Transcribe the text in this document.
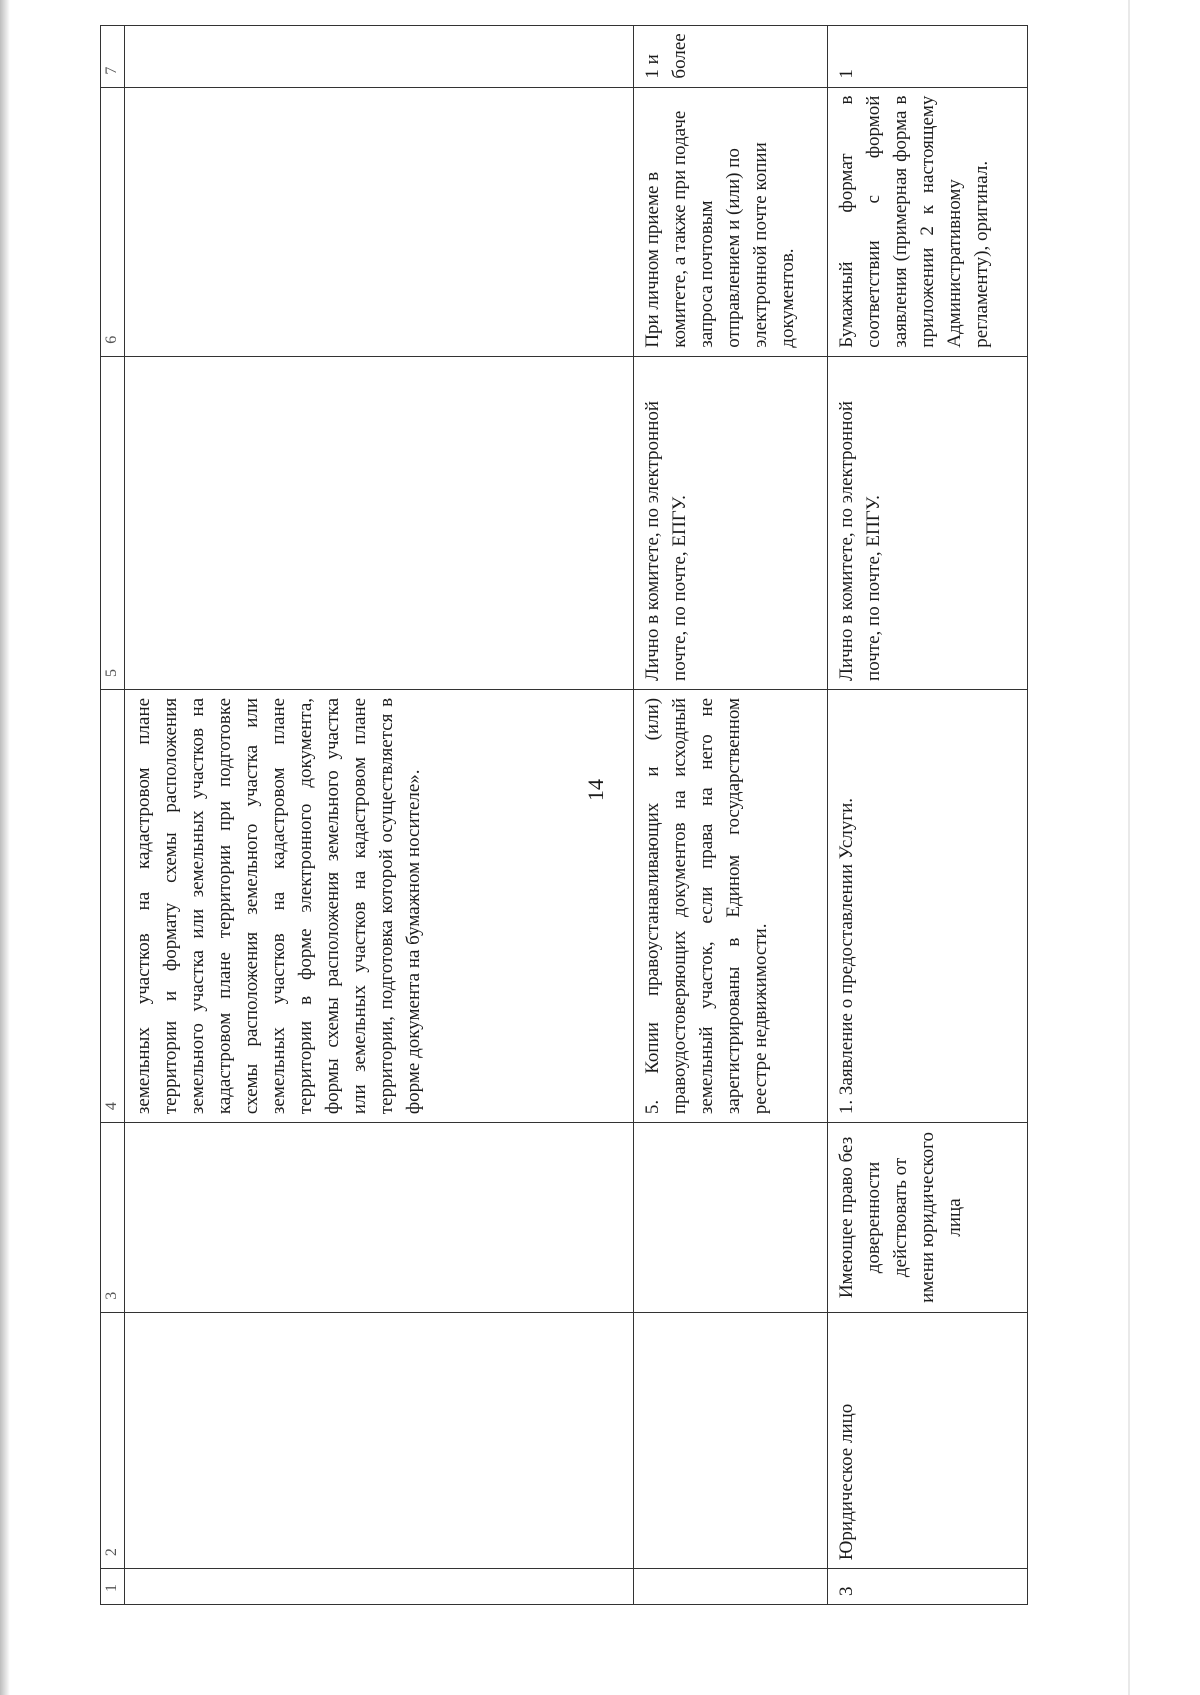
14
1	2	3	4	5	6	7
			земельных участков на кадастровом плане территории и формату схемы расположения земельного участка или земельных участков на кадастровом плане территории при подготовке схемы расположения земельного участка или земельных участков на кадастровом плане территории в форме электронного документа, формы схемы расположения земельного участка или земельных участков на кадастровом плане территории, подготовка которой осуществляется в форме документа на бумажном носителе».			
			5. Копии правоустанавливающих и (или) правоудостоверяющих документов на исходный земельный участок, если права на него не зарегистрированы в Едином государственном реестре недвижимости.	Лично в комитете, по электронной почте, по почте, ЕПГУ.	При личном приеме в комитете, а также при подаче запроса почтовым отправлением и (или) по электронной почте копии документов.	1 и более
3	Юридическое лицо	Имеющее право без доверенности действовать от имени юридического лица	1. Заявление о предоставлении Услуги.	Лично в комитете, по электронной почте, по почте, ЕПГУ.	Бумажный формат в соответствии с формой заявления (примерная форма в приложении 2 к настоящему Административному регламенту), оригинал.	1
